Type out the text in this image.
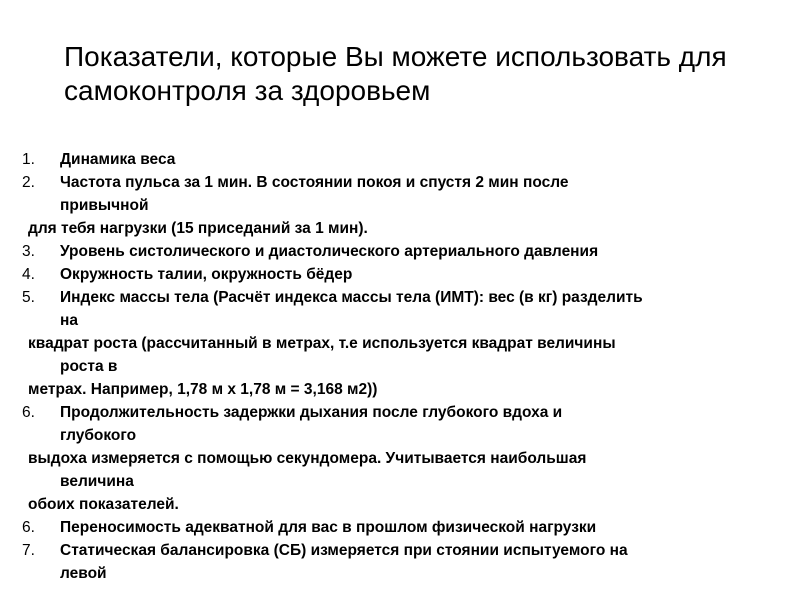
Показатели, которые Вы можете использовать для самоконтроля за здоровьем
1. Динамика веса
2. Частота пульса за 1 мин. В состоянии покоя и спустя 2 мин после
привычной
для тебя нагрузки (15 приседаний за 1 мин).
3. Уровень систолического и диастолического артериального давления
4. Окружность талии, окружность бёдер
5. Индекс массы тела (Расчёт индекса массы тела (ИМТ): вес (в кг) разделить
на
квадрат роста (рассчитанный в метрах, т.е используется квадрат величины
роста в
метрах. Например, 1,78 м х 1,78 м = 3,168 м2))
6. Продолжительность задержки дыхания после глубокого вдоха и
глубокого
выдоха измеряется с помощью секундомера. Учитывается наибольшая
величина
обоих показателей.
6. Переносимость адекватной для вас в прошлом физической нагрузки
7. Статическая балансировка (СБ) измеряется при стоянии испытуемого на
левой
